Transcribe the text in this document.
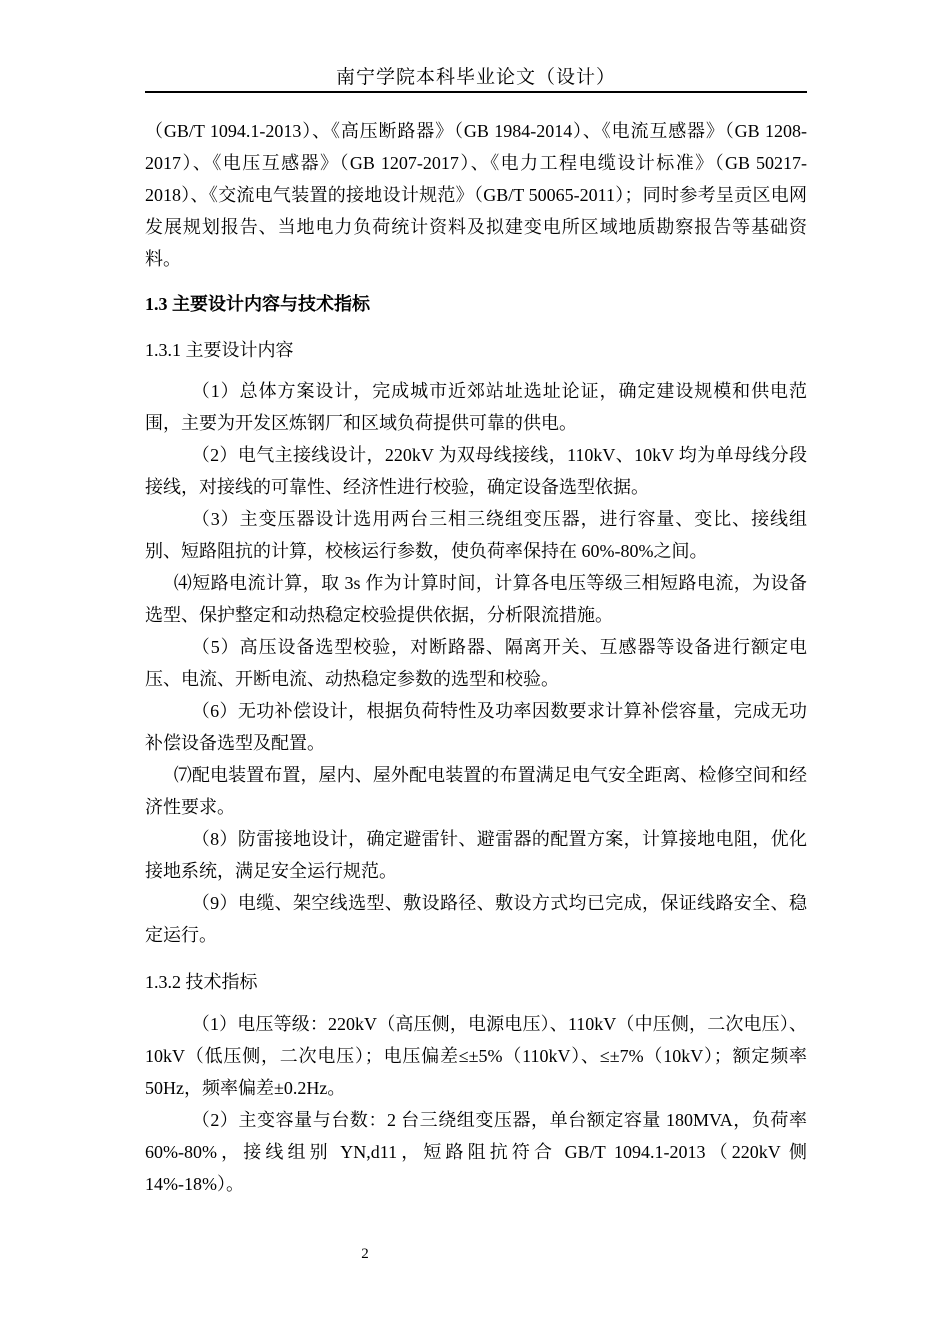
南宁学院本科毕业论文（设计）

（GB/T 1094.1-2013）、《高压断路器》（GB 1984-2014）、《电流互感器》（GB 1208-2017）、《电压互感器》（GB 1207-2017）、《电力工程电缆设计标准》（GB 50217-2018）、《交流电气装置的接地设计规范》（GB/T 50065-2011）；同时参考呈贡区电网发展规划报告、当地电力负荷统计资料及拟建变电所区域地质勘察报告等基础资料。

1.3 主要设计内容与技术指标
1.3.1 主要设计内容

（1）总体方案设计，完成城市近郊站址选址论证，确定建设规模和供电范围，主要为开发区炼钢厂和区域负荷提供可靠的供电。

（2）电气主接线设计，220kV 为双母线接线，110kV、10kV 均为单母线分段接线，对接线的可靠性、经济性进行校验，确定设备选型依据。

（3）主变压器设计选用两台三相三绕组变压器，进行容量、变比、接线组别、短路阻抗的计算，校核运行参数，使负荷率保持在 60%-80%之间。

⑷短路电流计算，取 3s 作为计算时间，计算各电压等级三相短路电流，为设备选型、保护整定和动热稳定校验提供依据，分析限流措施。

（5）高压设备选型校验，对断路器、隔离开关、互感器等设备进行额定电压、电流、开断电流、动热稳定参数的选型和校验。

（6）无功补偿设计，根据负荷特性及功率因数要求计算补偿容量，完成无功补偿设备选型及配置。

⑺配电装置布置，屋内、屋外配电装置的布置满足电气安全距离、检修空间和经济性要求。

（8）防雷接地设计，确定避雷针、避雷器的配置方案，计算接地电阻，优化接地系统，满足安全运行规范。

（9）电缆、架空线选型、敷设路径、敷设方式均已完成，保证线路安全、稳定运行。

1.3.2 技术指标

（1）电压等级：220kV（高压侧，电源电压）、110kV（中压侧，二次电压）、10kV（低压侧，二次电压）；电压偏差≤±5%（110kV）、≤±7%（10kV）；额定频率 50Hz，频率偏差±0.2Hz。

（2）主变容量与台数：2 台三绕组变压器，单台额定容量 180MVA，负荷率 60%-80%，接线组别 YN,d11，短路阻抗符合 GB/T 1094.1-2013（220kV 侧 14%-18%）。

2
